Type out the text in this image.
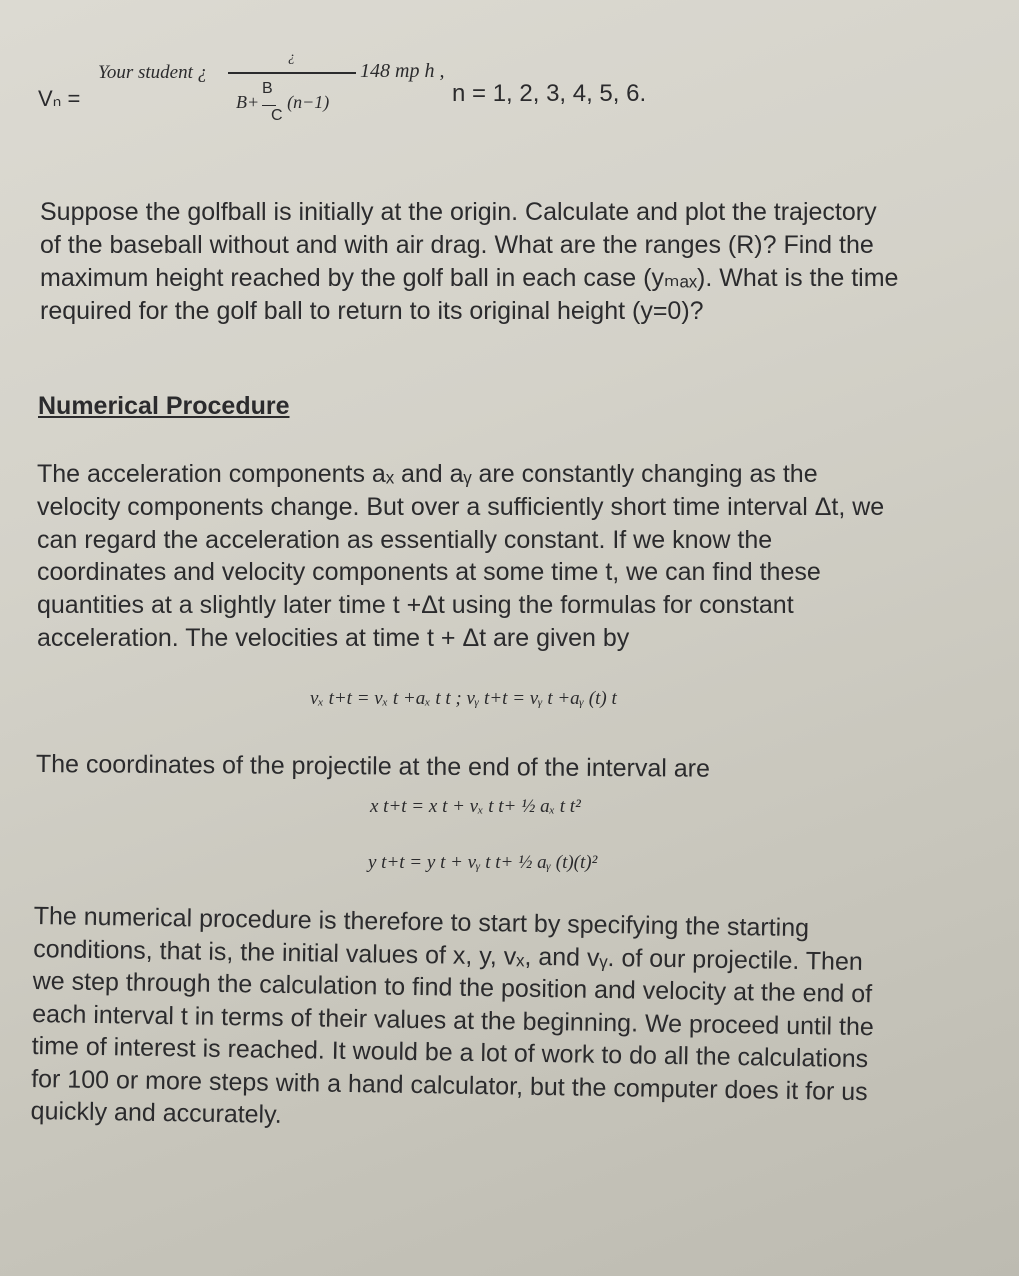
Vₙ =
Your student ¿
¿
148 mp h ,
B+ (n−1)
B
C
n = 1, 2, 3, 4, 5, 6.
Suppose the golfball is initially at the origin. Calculate and plot the trajectory
of the baseball without and with air drag. What are the ranges (R)? Find the
maximum height reached by the golf ball in each case (yₘₐₓ). What is the time
required for the golf ball to return to its original height (y=0)?
Numerical Procedure
The acceleration components aₓ and aᵧ are constantly changing as the
velocity components change. But over a sufficiently short time interval Δt, we
can regard the acceleration as essentially constant. If we know the
coordinates and velocity components at some time t, we can find these
quantities at a slightly later time t +Δt using the formulas for constant
acceleration. The velocities at time t + Δt are given by
vₓ t+t = vₓ t +aₓ t t ; vᵧ t+t = vᵧ t +aᵧ (t) t
The coordinates of the projectile at the end of the interval are
x t+t = x t + vₓ t t+ ½ aₓ t t²
y t+t = y t + vᵧ t t+ ½ aᵧ (t)(t)²
The numerical procedure is therefore to start by specifying the starting
conditions, that is, the initial values of x, y, vₓ, and vᵧ. of our projectile. Then
we step through the calculation to find the position and velocity at the end of
each interval t in terms of their values at the beginning. We proceed until the
time of interest is reached. It would be a lot of work to do all the calculations
for 100 or more steps with a hand calculator, but the computer does it for us
quickly and accurately.
